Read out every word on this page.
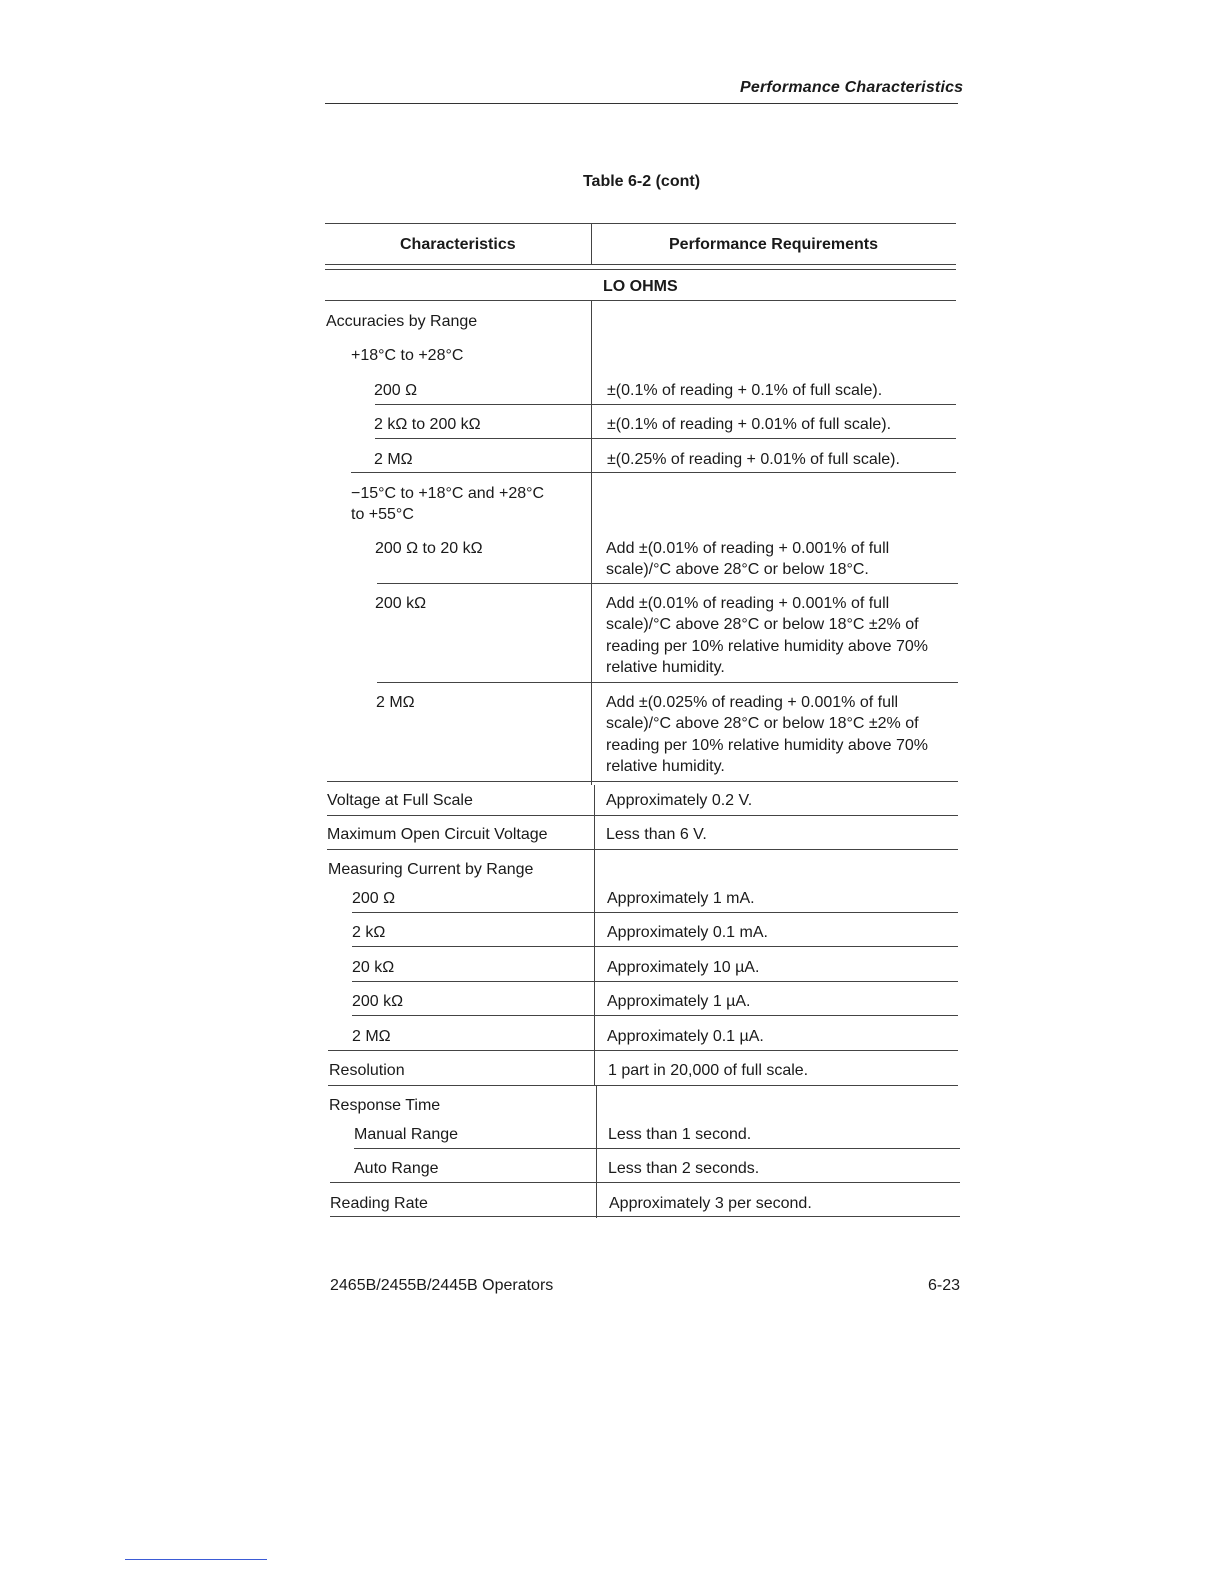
Performance Characteristics
Table 6-2 (cont)
Characteristics	Performance Requirements
LO OHMS
Accuracies by Range
+18°C to +28°C
200 Ω	±(0.1% of reading + 0.1% of full scale).
2 kΩ to 200 kΩ	±(0.1% of reading + 0.01% of full scale).
2 MΩ	±(0.25% of reading + 0.01% of full scale).
−15°C to +18°C and +28°C
to +55°C
200 Ω to 20 kΩ	Add ±(0.01% of reading + 0.001% of full
scale)/°C above 28°C or below 18°C.
200 kΩ	Add ±(0.01% of reading + 0.001% of full
scale)/°C above 28°C or below 18°C ±2% of
reading per 10% relative humidity above 70%
relative humidity.
2 MΩ	Add ±(0.025% of reading + 0.001% of full
scale)/°C above 28°C or below 18°C ±2% of
reading per 10% relative humidity above 70%
relative humidity.
Voltage at Full Scale	Approximately 0.2 V.
Maximum Open Circuit Voltage	Less than 6 V.
Measuring Current by Range
200 Ω	Approximately 1 mA.
2 kΩ	Approximately 0.1 mA.
20 kΩ	Approximately 10 µA.
200 kΩ	Approximately 1 µA.
2 MΩ	Approximately 0.1 µA.
Resolution	1 part in 20,000 of full scale.
Response Time
Manual Range	Less than 1 second.
Auto Range	Less than 2 seconds.
Reading Rate	Approximately 3 per second.
2465B/2455B/2445B Operators	6-23
